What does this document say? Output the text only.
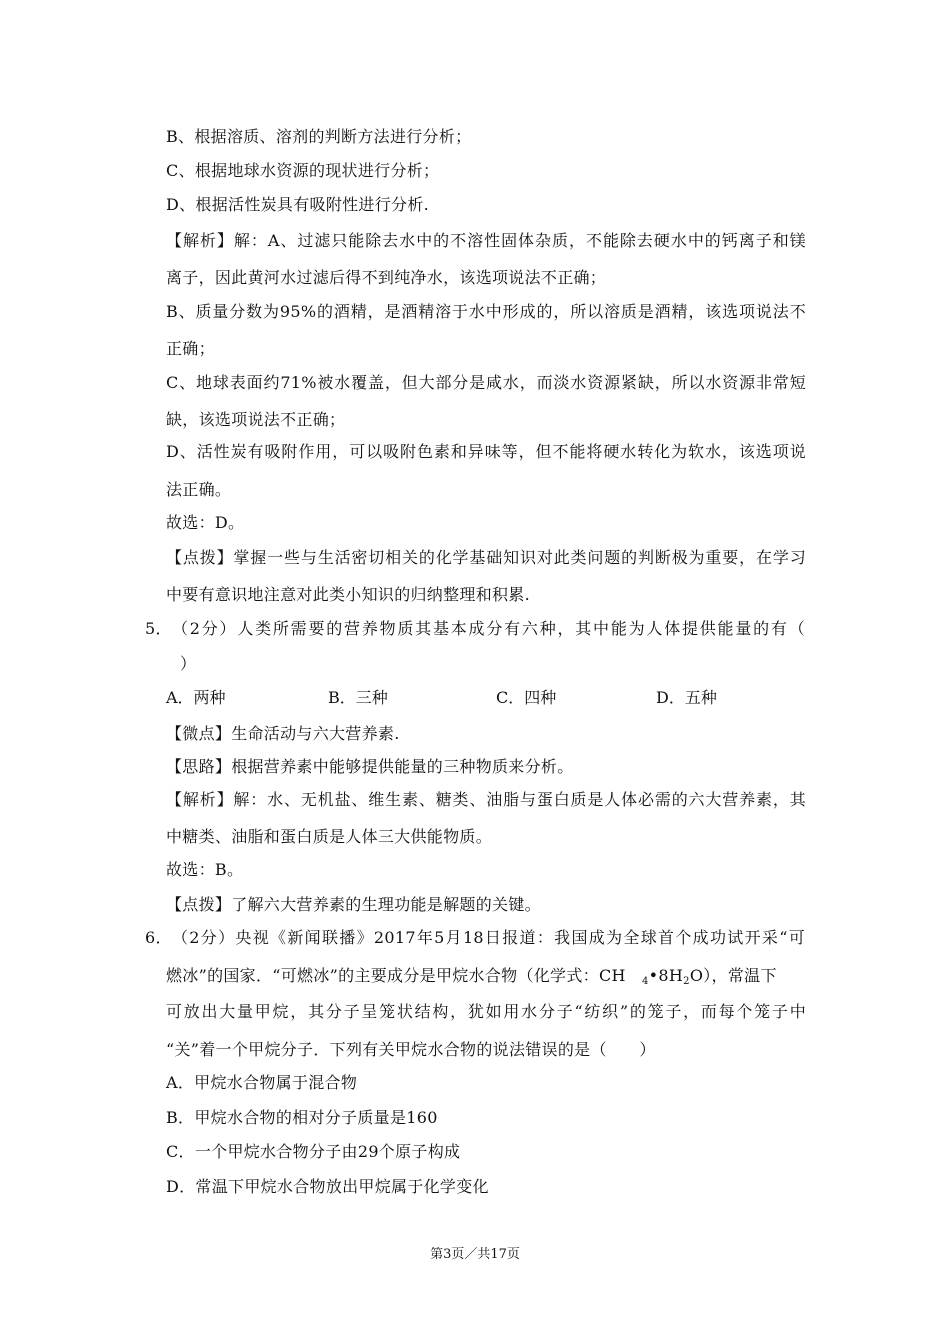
B、根据溶质、溶剂的判断方法进行分析；
C、根据地球水资源的现状进行分析；
D、根据活性炭具有吸附性进行分析.
【解析】解：A、过滤只能除去水中的不溶性固体杂质，不能除去硬水中的钙离子和镁
离子，因此黄河水过滤后得不到纯净水，该选项说法不正确；
B、质量分数为95%的酒精，是酒精溶于水中形成的，所以溶质是酒精，该选项说法不
正确；
C、地球表面约71%被水覆盖，但大部分是咸水，而淡水资源紧缺，所以水资源非常短
缺，该选项说法不正确；
D、活性炭有吸附作用，可以吸附色素和异味等，但不能将硬水转化为软水，该选项说
法正确。
故选：D。
【点拨】掌握一些与生活密切相关的化学基础知识对此类问题的判断极为重要，在学习
中要有意识地注意对此类小知识的归纳整理和积累.
5． （2分）人类所需要的营养物质其基本成分有六种，其中能为人体提供能量的有（
）
A．两种	B．三种	C．四种	D．五种
【微点】生命活动与六大营养素.
【思路】根据营养素中能够提供能量的三种物质来分析。
【解析】解：水、无机盐、维生素、糖类、油脂与蛋白质是人体必需的六大营养素，其
中糖类、油脂和蛋白质是人体三大供能物质。
故选：B。
【点拨】了解六大营养素的生理功能是解题的关键。
6． （2分）央视《新闻联播》2017年5月18日报道：我国成为全球首个成功试开采“可
燃冰”的国家．“可燃冰”的主要成分是甲烷水合物（化学式：CH $_4•8H_2O$），常温下
可放出大量甲烷，其分子呈笼状结构，犹如用水分子“纺织”的笼子，而每个笼子中
“关”着一个甲烷分子．下列有关甲烷水合物的说法错误的是（　　）
A．甲烷水合物属于混合物
B．甲烷水合物的相对分子质量是160
C．一个甲烷水合物分子由29个原子构成
D．常温下甲烷水合物放出甲烷属于化学变化
第3页／共17页
